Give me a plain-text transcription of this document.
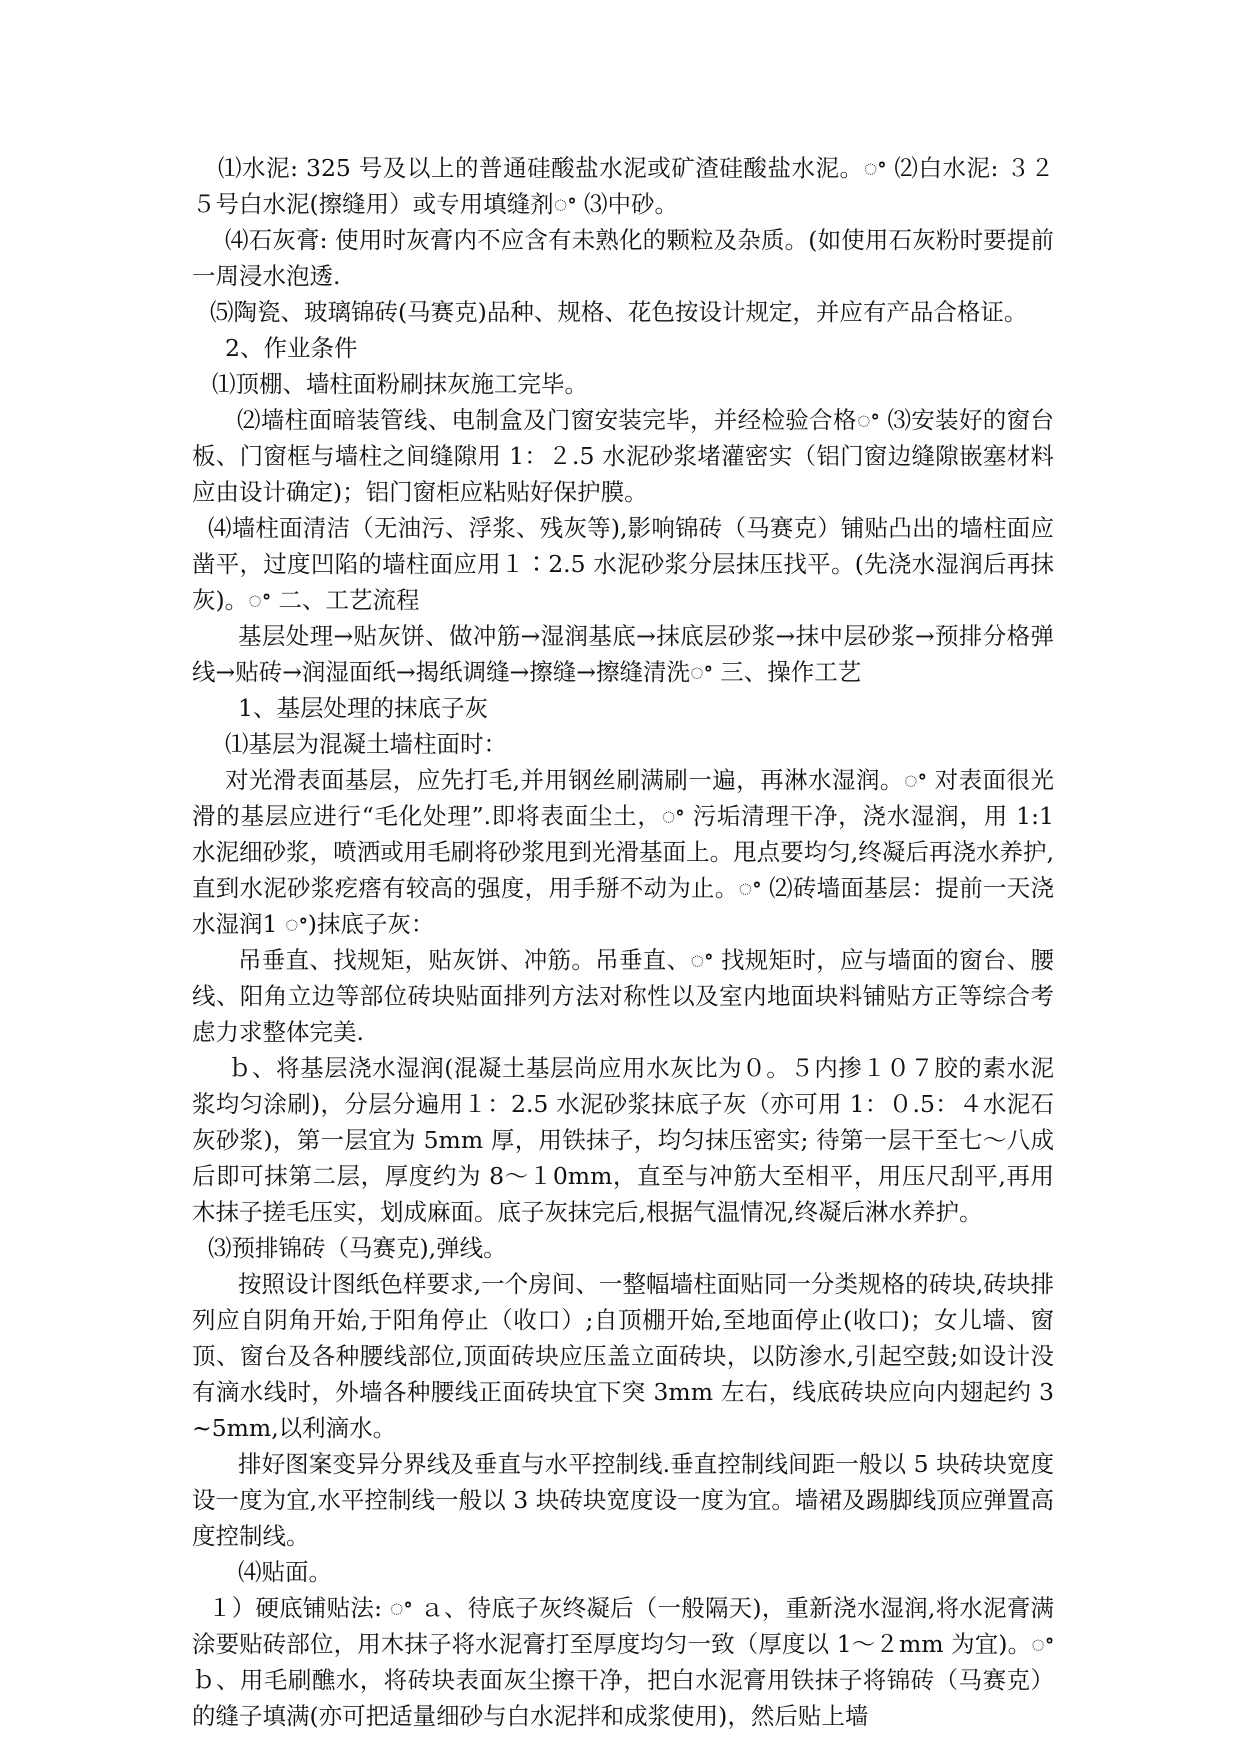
⑴水泥: 325 号及以上的普通硅酸盐水泥或矿渣硅酸盐水泥。ꢀ ⑵白水泥: ３２５号白水泥(擦缝用）或专用填缝剂ꢀ ⑶中砂。

⑷石灰膏: 使用时灰膏内不应含有未熟化的颗粒及杂质。(如使用石灰粉时要提前一周浸水泡透.

⑸陶瓷、玻璃锦砖(马赛克)品种、规格、花色按设计规定，并应有产品合格证。

2、作业条件

⑴顶棚、墙柱面粉刷抹灰施工完毕。

⑵墙柱面暗装管线、电制盒及门窗安装完毕，并经检验合格ꢀ ⑶安装好的窗台板、门窗框与墙柱之间缝隙用 1：２.5 水泥砂浆堵灌密实（铝门窗边缝隙嵌塞材料应由设计确定)；铝门窗柜应粘贴好保护膜。

⑷墙柱面清洁（无油污、浮浆、残灰等),影响锦砖（马赛克）铺贴凸出的墙柱面应凿平，过度凹陷的墙柱面应用１∶2.5 水泥砂浆分层抹压找平。(先浇水湿润后再抹灰)。ꢀ 二、工艺流程

基层处理→贴灰饼、做冲筋→湿润基底→抹底层砂浆→抹中层砂浆→预排分格弹线→贴砖→润湿面纸→揭纸调缝→擦缝→擦缝清洗ꢀ 三、操作工艺

1、基层处理的抹底子灰

⑴基层为混凝土墙柱面时：

对光滑表面基层，应先打毛,并用钢丝刷满刷一遍，再淋水湿润。ꢀ 对表面很光滑的基层应进行“毛化处理”.即将表面尘土，ꢀ 污垢清理干净，浇水湿润，用 1:1 水泥细砂浆，喷洒或用毛刷将砂浆甩到光滑基面上。甩点要均匀,终凝后再浇水养护,直到水泥砂浆疙瘩有较高的强度，用手掰不动为止。ꢀ ⑵砖墙面基层：提前一天浇水湿润1 ꢀ)抹底子灰：

吊垂直、找规矩，贴灰饼、冲筋。吊垂直、ꢀ 找规矩时，应与墙面的窗台、腰线、阳角立边等部位砖块贴面排列方法对称性以及室内地面块料铺贴方正等综合考虑力求整体完美.

ｂ、将基层浇水湿润(混凝土基层尚应用水灰比为０。５内掺１０７胶的素水泥浆均匀涂刷)，分层分遍用１：2.5 水泥砂浆抹底子灰（亦可用 1：０.5：４水泥石灰砂浆)，第一层宜为 5mm 厚，用铁抹子，均匀抹压密实; 待第一层干至七～八成后即可抹第二层，厚度约为 8～１0mm，直至与冲筋大至相平，用压尺刮平,再用木抹子搓毛压实，划成麻面。底子灰抹完后,根据气温情况,终凝后淋水养护。

⑶预排锦砖（马赛克),弹线。

按照设计图纸色样要求,一个房间、一整幅墙柱面贴同一分类规格的砖块,砖块排列应自阴角开始,于阳角停止（收口）;自顶棚开始,至地面停止(收口)；女儿墙、窗顶、窗台及各种腰线部位,顶面砖块应压盖立面砖块，以防渗水,引起空鼓;如设计没有滴水线时，外墙各种腰线正面砖块宜下突 3mm 左右，线底砖块应向内翅起约 3~5mm,以利滴水。

排好图案变异分界线及垂直与水平控制线.垂直控制线间距一般以 5 块砖块宽度设一度为宜,水平控制线一般以 3 块砖块宽度设一度为宜。墙裙及踢脚线顶应弹置高度控制线。

⑷贴面。

１）硬底铺贴法: ꢀ ａ、待底子灰终凝后（一般隔天)，重新浇水湿润,将水泥膏满涂要贴砖部位，用木抹子将水泥膏打至厚度均匀一致（厚度以 1～２mm 为宜)。ꢀ ｂ、用毛刷醮水，将砖块表面灰尘擦干净，把白水泥膏用铁抹子将锦砖（马赛克）的缝子填满(亦可把适量细砂与白水泥拌和成浆使用)，然后贴上墙
